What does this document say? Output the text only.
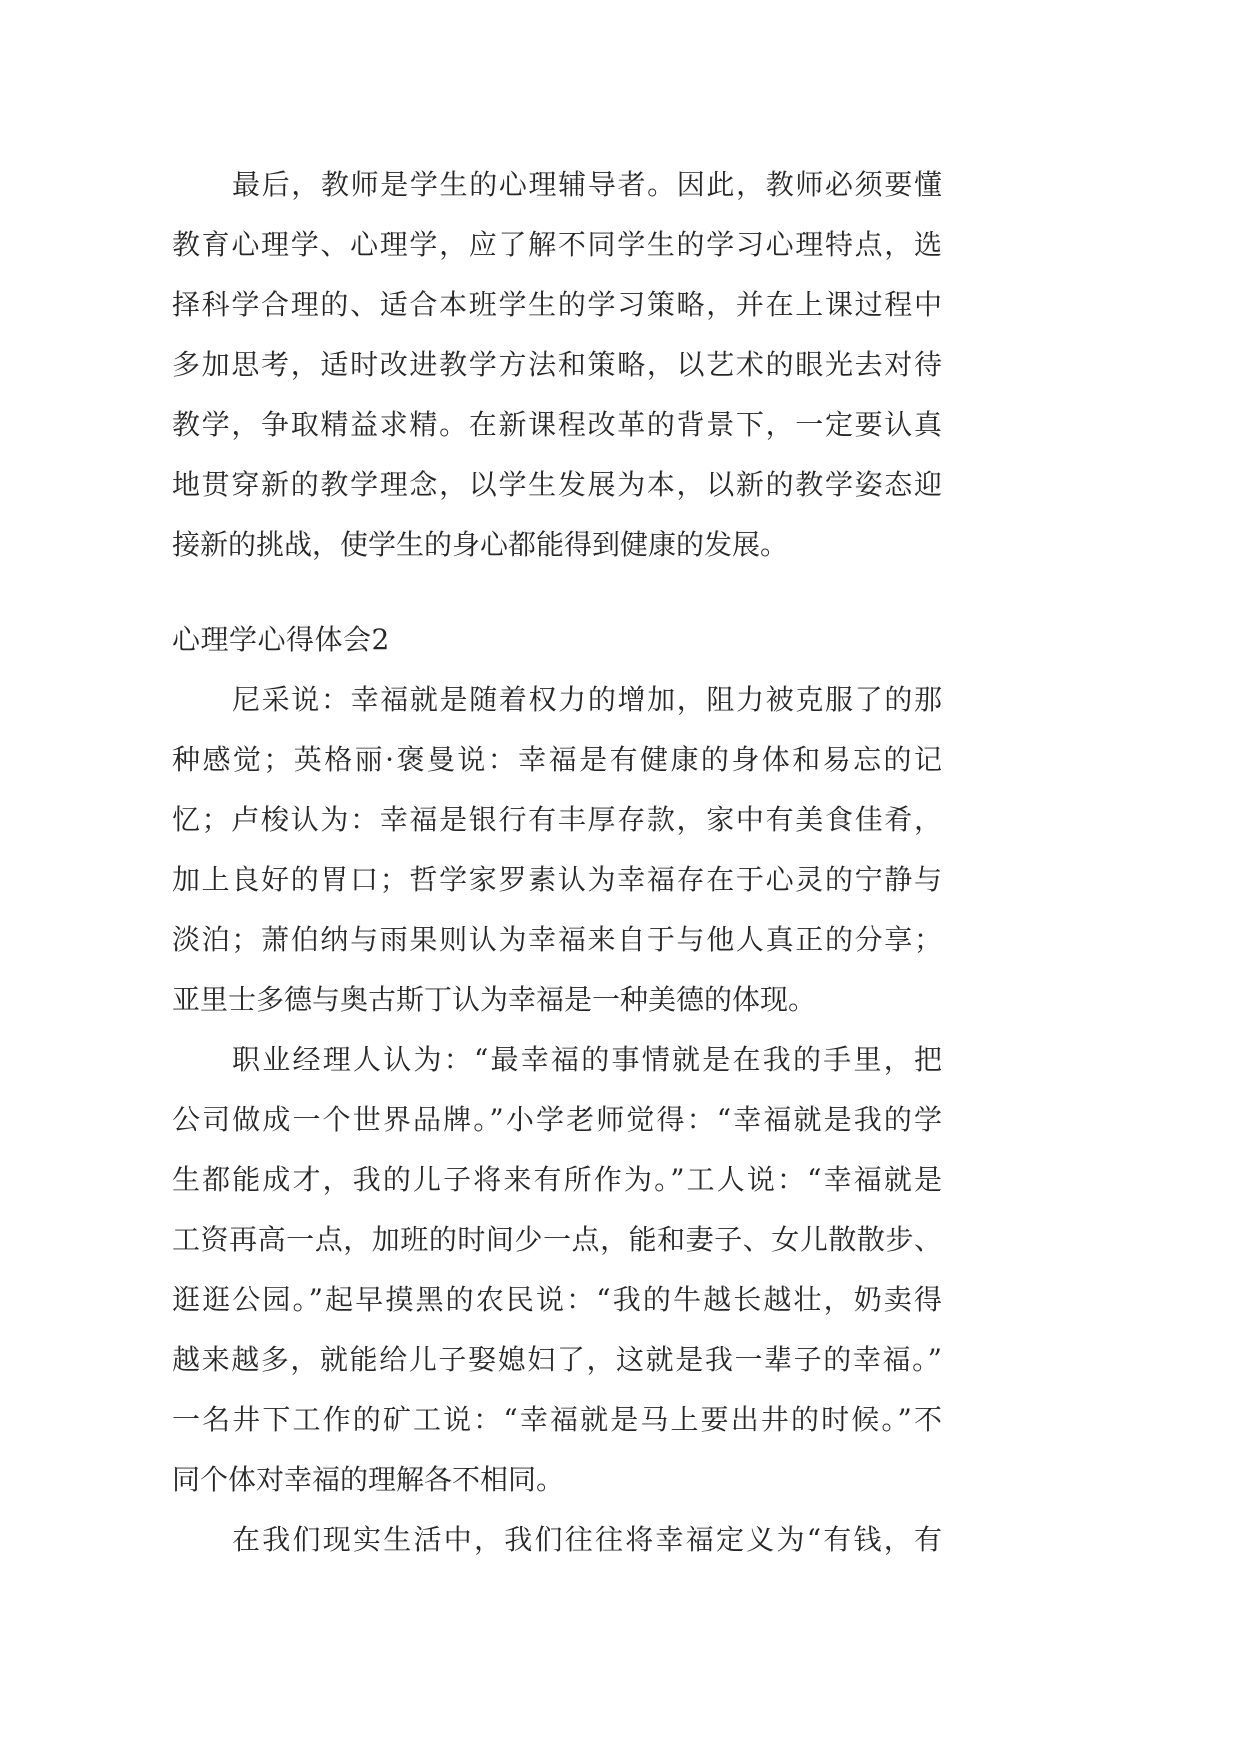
最后，教师是学生的心理辅导者。因此，教师必须要懂
教育心理学、心理学，应了解不同学生的学习心理特点，选
择科学合理的、适合本班学生的学习策略，并在上课过程中
多加思考，适时改进教学方法和策略，以艺术的眼光去对待
教学，争取精益求精。在新课程改革的背景下，一定要认真
地贯穿新的教学理念，以学生发展为本，以新的教学姿态迎
接新的挑战，使学生的身心都能得到健康的发展。
心理学心得体会2
尼采说：幸福就是随着权力的增加，阻力被克服了的那
种感觉；英格丽·褒曼说：幸福是有健康的身体和易忘的记
忆；卢梭认为：幸福是银行有丰厚存款，家中有美食佳肴，
加上良好的胃口；哲学家罗素认为幸福存在于心灵的宁静与
淡泊；萧伯纳与雨果则认为幸福来自于与他人真正的分享；
亚里士多德与奥古斯丁认为幸福是一种美德的体现。
职业经理人认为：“最幸福的事情就是在我的手里，把
公司做成一个世界品牌。”小学老师觉得：“幸福就是我的学
生都能成才，我的儿子将来有所作为。”工人说：“幸福就是
工资再高一点，加班的时间少一点，能和妻子、女儿散散步、
逛逛公园。”起早摸黑的农民说：“我的牛越长越壮，奶卖得
越来越多，就能给儿子娶媳妇了，这就是我一辈子的幸福。”
一名井下工作的矿工说：“幸福就是马上要出井的时候。”不
同个体对幸福的理解各不相同。
在我们现实生活中，我们往往将幸福定义为“有钱，有
